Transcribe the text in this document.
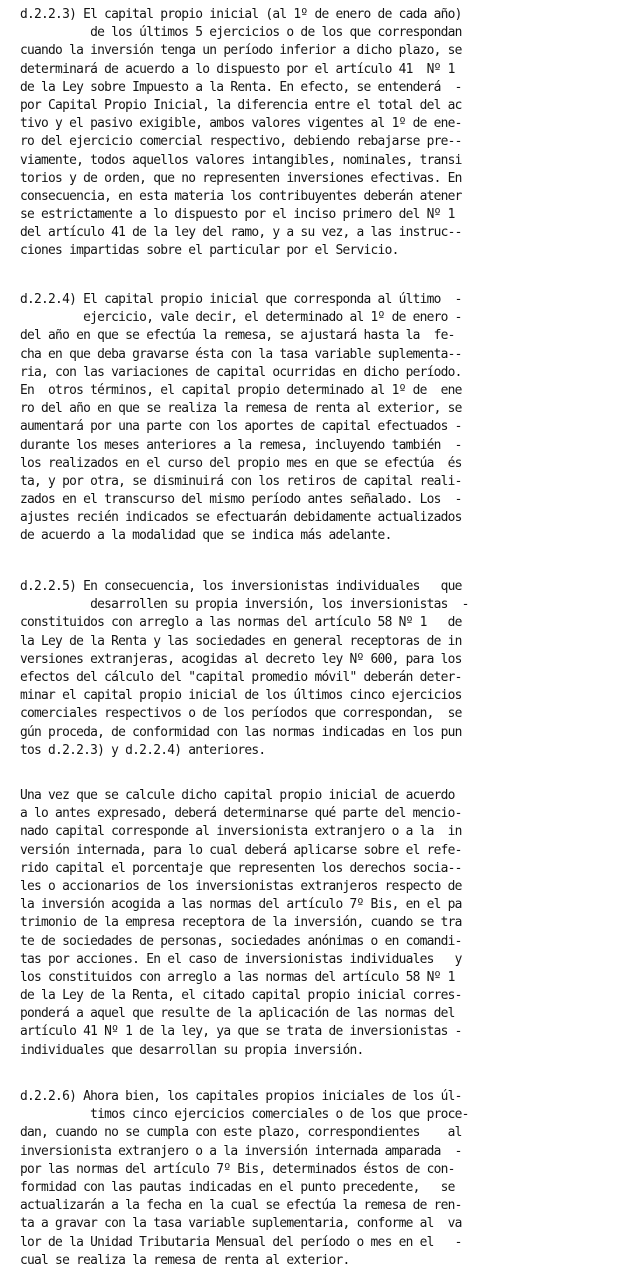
d.2.2.3) El capital propio inicial (al 1º de enero de cada año)
de los últimos 5 ejercicios o de los que correspondan
cuando la inversión tenga un período inferior a dicho plazo, se
determinará de acuerdo a lo dispuesto por el artículo 41  Nº 1
de la Ley sobre Impuesto a la Renta. En efecto, se entenderá  -
por Capital Propio Inicial, la diferencia entre el total del ac
tivo y el pasivo exigible, ambos valores vigentes al 1º de ene-
ro del ejercicio comercial respectivo, debiendo rebajarse pre--
viamente, todos aquellos valores intangibles, nominales, transi
torios y de orden, que no representen inversiones efectivas. En
consecuencia, en esta materia los contribuyentes deberán atener
se estrictamente a lo dispuesto por el inciso primero del Nº 1
del artículo 41 de la ley del ramo, y a su vez, a las instruc--
ciones impartidas sobre el particular por el Servicio.
d.2.2.4) El capital propio inicial que corresponda al último  -
ejercicio, vale decir, el determinado al 1º de enero -
del año en que se efectúa la remesa, se ajustará hasta la  fe-
cha en que deba gravarse ésta con la tasa variable suplementa--
ria, con las variaciones de capital ocurridas en dicho período.
En  otros términos, el capital propio determinado al 1º de  ene
ro del año en que se realiza la remesa de renta al exterior, se
aumentará por una parte con los aportes de capital efectuados -
durante los meses anteriores a la remesa, incluyendo también  -
los realizados en el curso del propio mes en que se efectúa  és
ta, y por otra, se disminuirá con los retiros de capital reali-
zados en el transcurso del mismo período antes señalado. Los  -
ajustes recién indicados se efectuarán debidamente actualizados
de acuerdo a la modalidad que se indica más adelante.
d.2.2.5) En consecuencia, los inversionistas individuales   que
desarrollen su propia inversión, los inversionistas  -
constituidos con arreglo a las normas del artículo 58 Nº 1   de
la Ley de la Renta y las sociedades en general receptoras de in
versiones extranjeras, acogidas al decreto ley Nº 600, para los
efectos del cálculo del "capital promedio móvil" deberán deter-
minar el capital propio inicial de los últimos cinco ejercicios
comerciales respectivos o de los períodos que correspondan,  se
gún proceda, de conformidad con las normas indicadas en los pun
tos d.2.2.3) y d.2.2.4) anteriores.
Una vez que se calcule dicho capital propio inicial de acuerdo
a lo antes expresado, deberá determinarse qué parte del mencio-
nado capital corresponde al inversionista extranjero o a la  in
versión internada, para lo cual deberá aplicarse sobre el refe-
rido capital el porcentaje que representen los derechos socia--
les o accionarios de los inversionistas extranjeros respecto de
la inversión acogida a las normas del artículo 7º Bis, en el pa
trimonio de la empresa receptora de la inversión, cuando se tra
te de sociedades de personas, sociedades anónimas o en comandi-
tas por acciones. En el caso de inversionistas individuales   y
los constituidos con arreglo a las normas del artículo 58 Nº 1
de la Ley de la Renta, el citado capital propio inicial corres-
ponderá a aquel que resulte de la aplicación de las normas del
artículo 41 Nº 1 de la ley, ya que se trata de inversionistas -
individuales que desarrollan su propia inversión.
d.2.2.6) Ahora bien, los capitales propios iniciales de los úl-
timos cinco ejercicios comerciales o de los que proce-
dan, cuando no se cumpla con este plazo, correspondientes    al
inversionista extranjero o a la inversión internada amparada  -
por las normas del artículo 7º Bis, determinados éstos de con-
formidad con las pautas indicadas en el punto precedente,   se
actualizarán a la fecha en la cual se efectúa la remesa de ren-
ta a gravar con la tasa variable suplementaria, conforme al  va
lor de la Unidad Tributaria Mensual del período o mes en el   -
cual se realiza la remesa de renta al exterior.
